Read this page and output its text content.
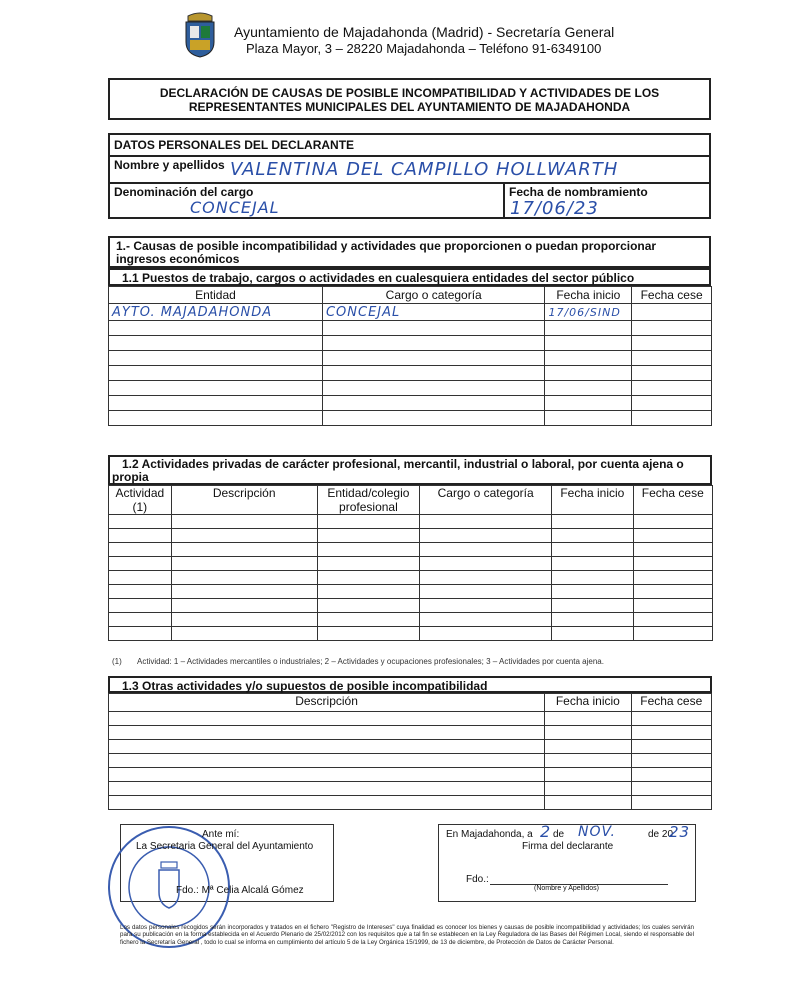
Ayuntamiento de Majadahonda (Madrid) - Secretaría General
Plaza Mayor, 3 – 28220 Majadahonda – Teléfono 91-6349100
DECLARACIÓN DE CAUSAS DE POSIBLE INCOMPATIBILIDAD Y ACTIVIDADES DE LOS
REPRESENTANTES MUNICIPALES DEL AYUNTAMIENTO DE MAJADAHONDA
DATOS PERSONALES DEL DECLARANTE
Nombre y apellidos VALENTINA DEL CAMPILLO HOLLWARTH
Denominación del cargo
CONCEJAL
Fecha de nombramiento
17/06/23
1.- Causas de posible incompatibilidad y actividades que proporcionen o puedan proporcionar ingresos económicos
1.1 Puestos de trabajo, cargos o actividades en cualesquiera entidades del sector público
Entidad	Cargo o categoría	Fecha inicio	Fecha cese
AYTO. MAJADAHONDA	CONCEJAL	17/06/SIND	

1.2 Actividades privadas de carácter profesional, mercantil, industrial o laboral, por cuenta ajena o propia
Actividad (1)	Descripción	Entidad/colegio profesional	Cargo o categoría	Fecha inicio	Fecha cese

(1) Actividad: 1 – Actividades mercantiles o industriales; 2 – Actividades y ocupaciones profesionales; 3 – Actividades por cuenta ajena.
1.3 Otras actividades y/o supuestos de posible incompatibilidad
Descripción	Fecha inicio	Fecha cese

Ante mí:
La Secretaria General del Ayuntamiento
Fdo.: Mª Celia Alcalá Gómez
En Majadahonda, a 2 de NOV.	de 20
23
Firma del declarante
Fdo.:
(Nombre y Apellidos)
Los datos personales recogidos serán incorporados y tratados en el fichero "Registro de Intereses" cuya finalidad es conocer los bienes y causas de posible incompatibilidad y actividades; los cuales servirán para su publicación en la forma establecida en el Acuerdo Plenario de 25/02/2012 con los requisitos que a tal fin se establecen en la Ley Reguladora de las Bases del Régimen Local, siendo el responsable del fichero la Secretaría General , todo lo cual se informa en cumplimiento del artículo 5 de la Ley Orgánica 15/1999, de 13 de diciembre, de Protección de Datos de Carácter Personal.
